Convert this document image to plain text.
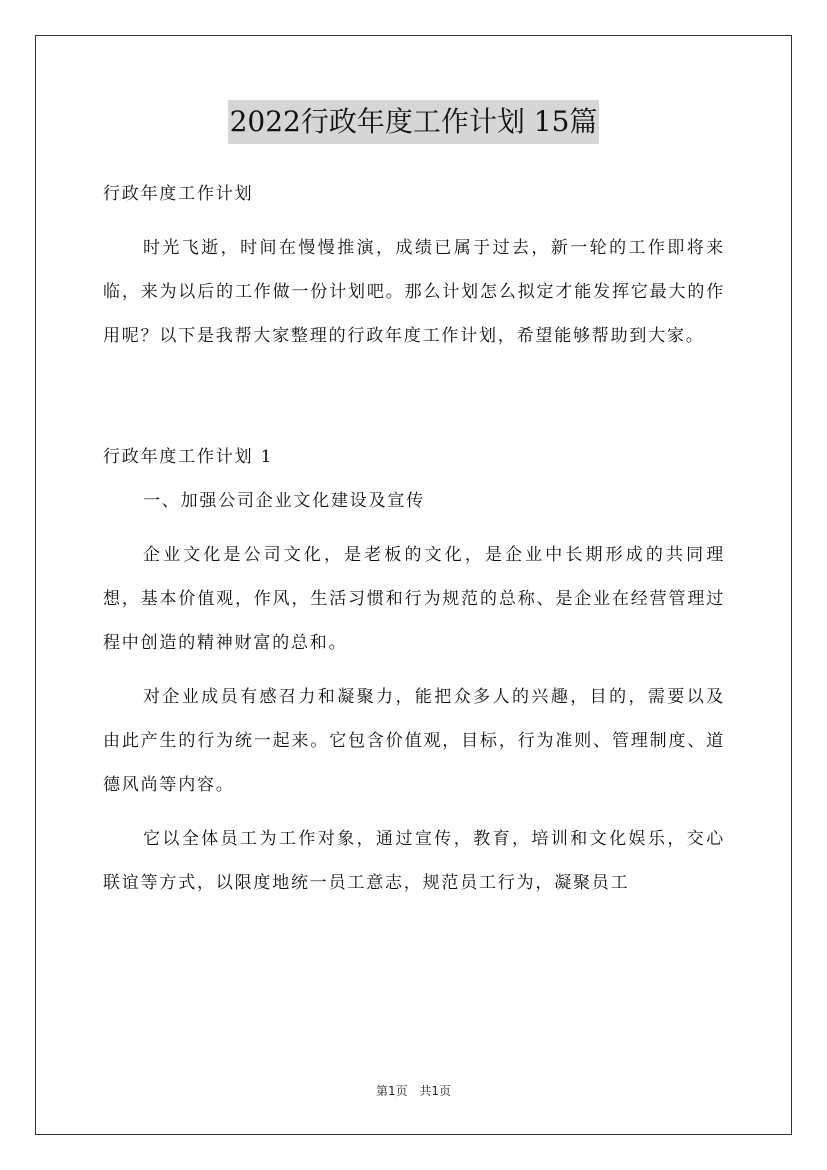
2022行政年度工作计划 15篇

行政年度工作计划

时光飞逝，时间在慢慢推演，成绩已属于过去，新一轮的工作即将来临，来为以后的工作做一份计划吧。那么计划怎么拟定才能发挥它最大的作用呢？以下是我帮大家整理的行政年度工作计划，希望能够帮助到大家。

行政年度工作计划 1

一、加强公司企业文化建设及宣传

企业文化是公司文化，是老板的文化，是企业中长期形成的共同理想，基本价值观，作风，生活习惯和行为规范的总称、是企业在经营管理过程中创造的精神财富的总和。

对企业成员有感召力和凝聚力，能把众多人的兴趣，目的，需要以及由此产生的行为统一起来。它包含价值观，目标，行为准则、管理制度、道德风尚等内容。

它以全体员工为工作对象，通过宣传，教育，培训和文化娱乐，交心联谊等方式，以限度地统一员工意志，规范员工行为，凝聚员工

第1页 共1页
